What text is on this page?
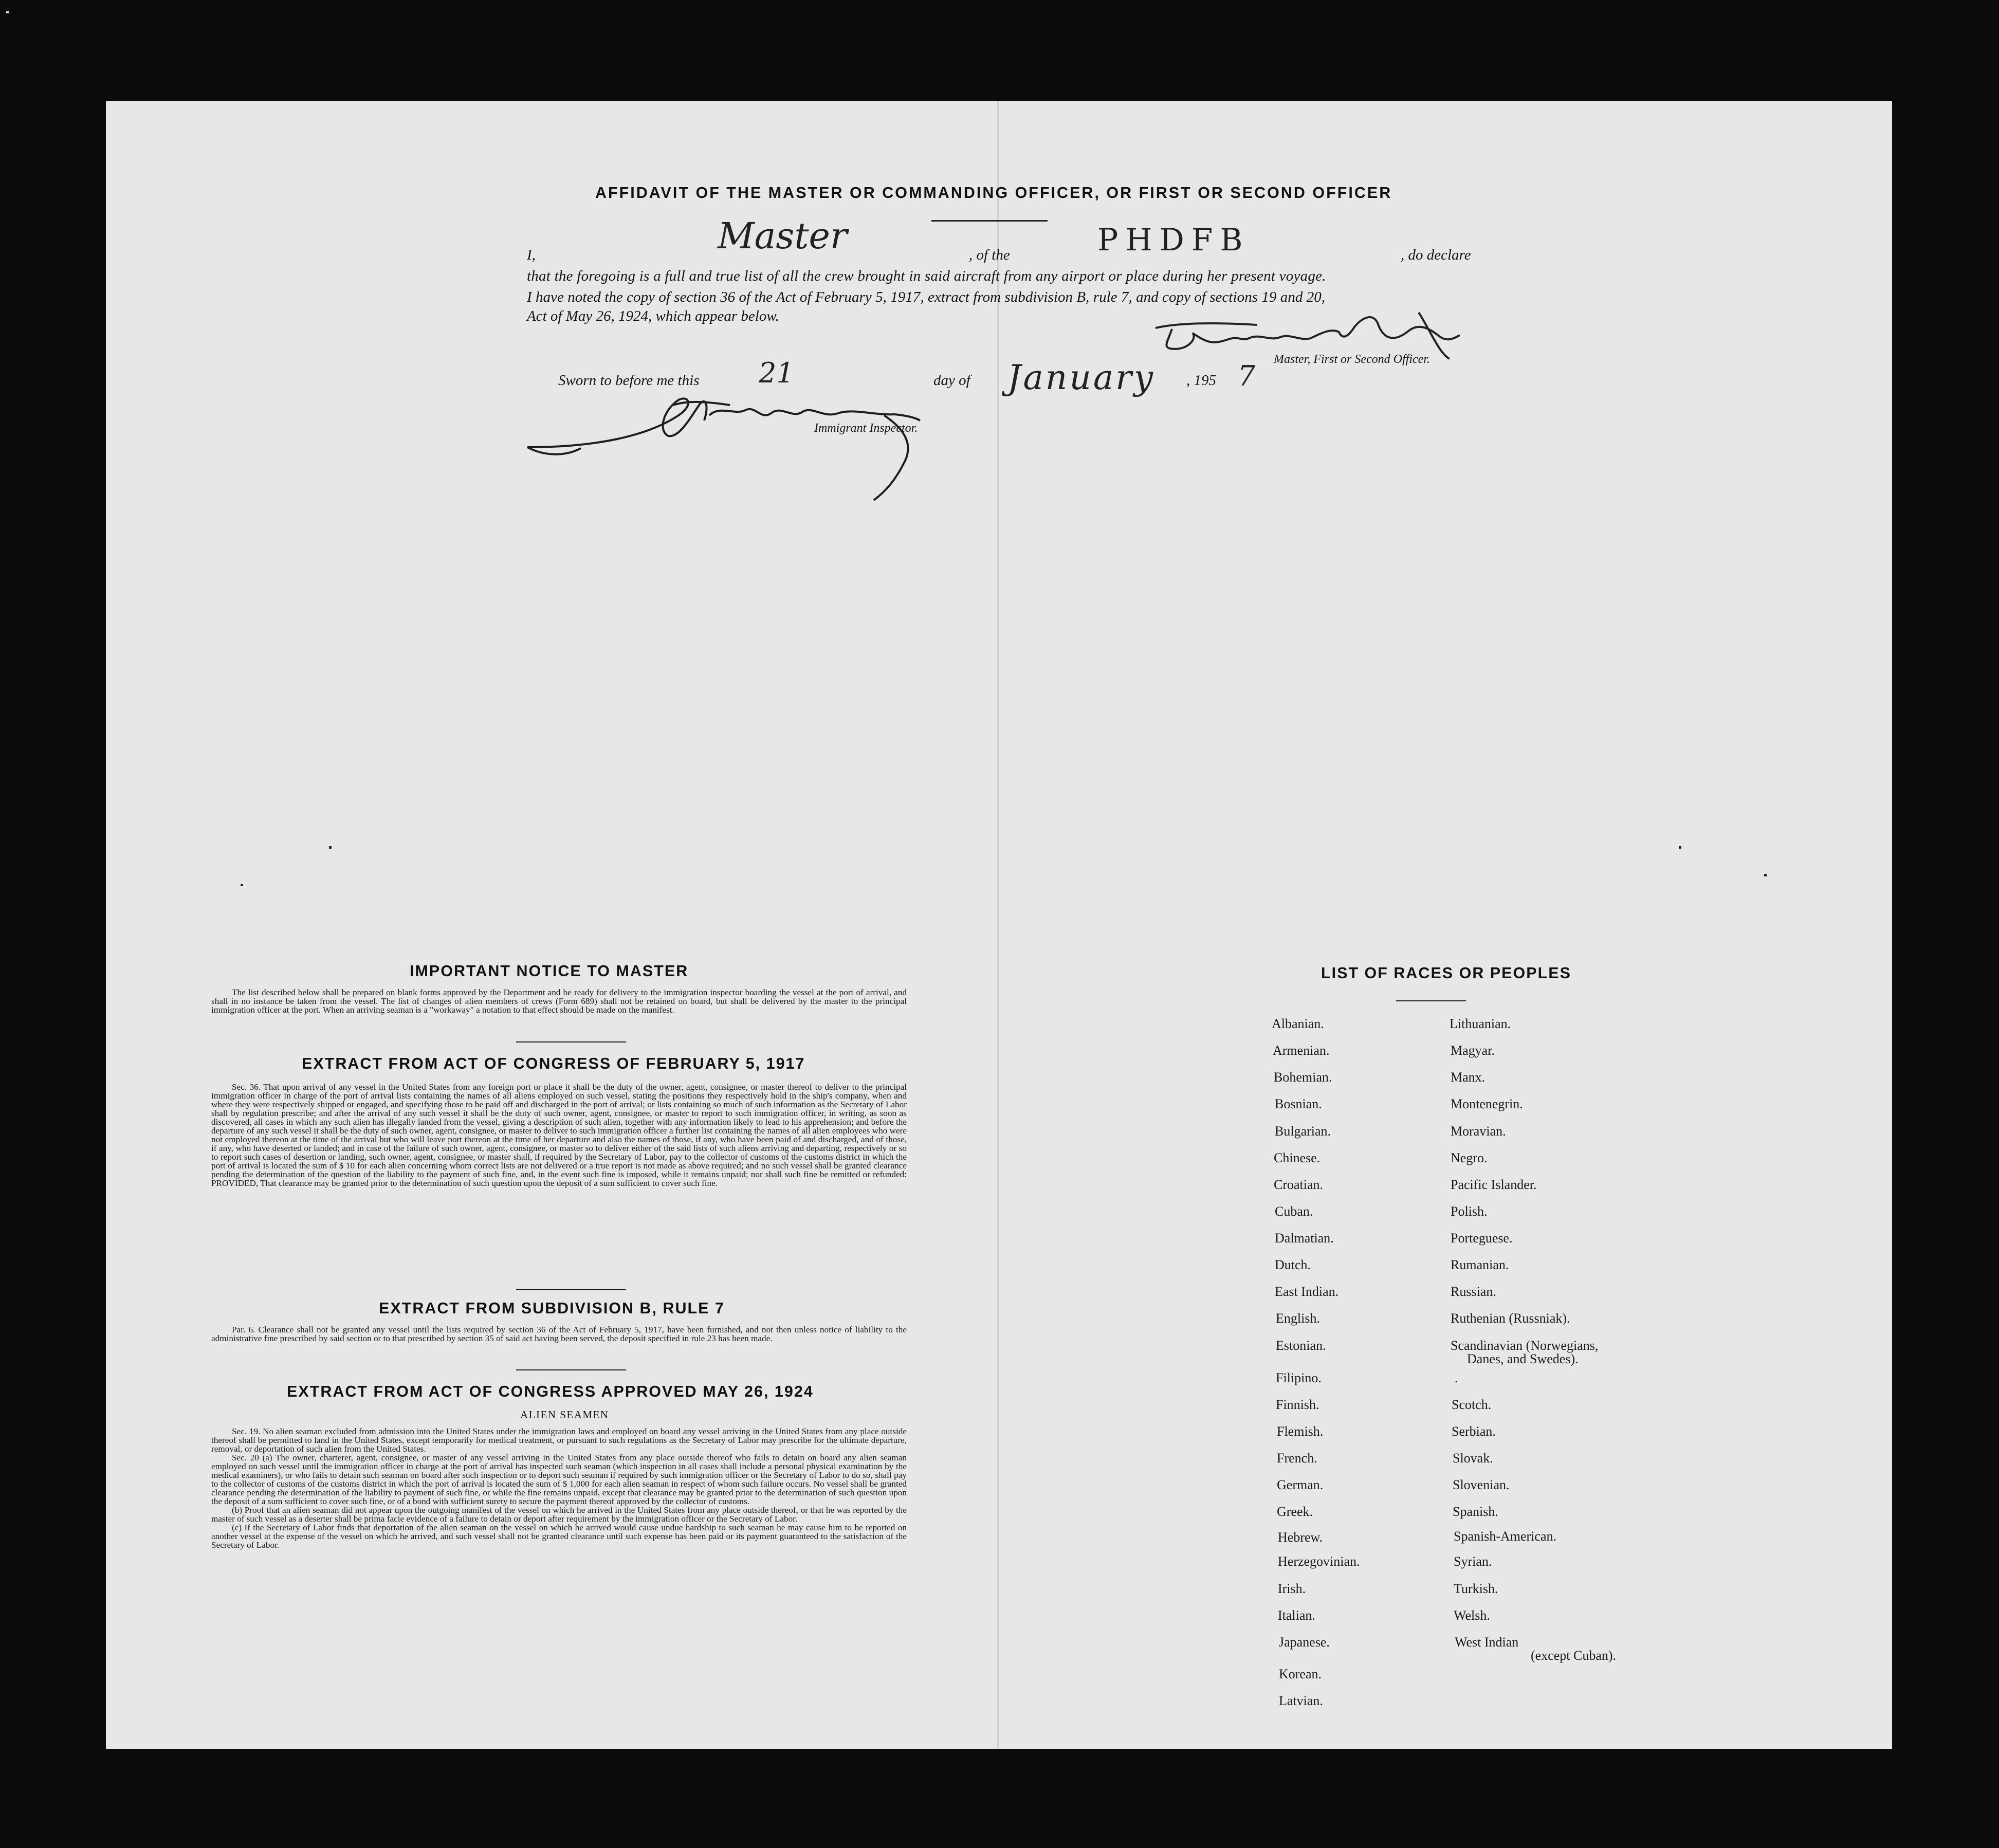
AFFIDAVIT OF THE MASTER OR COMMANDING OFFICER, OR FIRST OR SECOND OFFICER
I,	Master	, of the	PHDFB	, do declare
that the foregoing is a full and true list of all the crew brought in said aircraft from any airport or place during her present voyage.
I have noted the copy of section 36 of the Act of February 5, 1917, extract from subdivision B, rule 7, and copy of sections 19 and 20,
Act of May 26, 1924, which appear below.
Master, First or Second Officer.
Sworn to before me this 21	day of January , 195 7
Immigrant Inspector.
IMPORTANT NOTICE TO MASTER
The list described below shall be prepared on blank forms approved by the Department and be ready for delivery to the immigration inspector boarding the vessel at the port of arrival, and shall in no instance be taken from the vessel. The list of changes of alien members of crews (Form 689) shall not be retained on board, but shall be delivered by the master to the principal immigration officer at the port. When an arriving seaman is a "workaway" a notation to that effect should be made on the manifest.
EXTRACT FROM ACT OF CONGRESS OF FEBRUARY 5, 1917
Sec. 36. That upon arrival of any vessel in the United States from any foreign port or place it shall be the duty of the owner, agent, consignee, or master thereof to deliver to the principal immigration officer in charge of the port of arrival lists containing the names of all aliens employed on such vessel, stating the positions they respectively hold in the ship's company, when and where they were respectively shipped or engaged, and specifying those to be paid off and discharged in the port of arrival; or lists containing so much of such information as the Secretary of Labor shall by regulation prescribe; and after the arrival of any such vessel it shall be the duty of such owner, agent, consignee, or master to report to such immigration officer, in writing, as soon as discovered, all cases in which any such alien has illegally landed from the vessel, giving a description of such alien, together with any information likely to lead to his apprehension; and before the departure of any such vessel it shall be the duty of such owner, agent, consignee, or master to deliver to such immigration officer a further list containing the names of all alien employees who were not employed thereon at the time of the arrival but who will leave port thereon at the time of her departure and also the names of those, if any, who have been paid of and discharged, and of those, if any, who have deserted or landed; and in case of the failure of such owner, agent, consignee, or master so to deliver either of the said lists of such aliens arriving and departing, respectively or so to report such cases of desertion or landing, such owner, agent, consignee, or master shall, if required by the Secretary of Labor, pay to the collector of customs of the customs district in which the port of arrival is located the sum of $ 10 for each alien concerning whom correct lists are not delivered or a true report is not made as above required; and no such vessel shall be granted clearance pending the determination of the question of the liability to the payment of such fine, and, in the event such fine is imposed, while it remains unpaid; nor shall such fine be remitted or refunded: PROVIDED, That clearance may be granted prior to the determination of such question upon the deposit of a sum sufficient to cover such fine.
EXTRACT FROM SUBDIVISION B, RULE 7
Par. 6. Clearance shall not be granted any vessel until the lists required by section 36 of the Act of February 5, 1917, have been furnished, and not then unless notice of liability to the administrative fine prescribed by said section or to that prescribed by section 35 of said act having been served, the deposit specified in rule 23 has been made.
EXTRACT FROM ACT OF CONGRESS APPROVED MAY 26, 1924
ALIEN SEAMEN
Sec. 19. No alien seaman excluded from admission into the United States under the immigration laws and employed on board any vessel arriving in the United States from any place outside thereof shall be permitted to land in the United States, except temporarily for medical treatment, or pursuant to such regulations as the Secretary of Labor may prescribe for the ultimate departure, removal, or deportation of such alien from the United States.
Sec. 20 (a) The owner, charterer, agent, consignee, or master of any vessel arriving in the United States from any place outside thereof who fails to detain on board any alien seaman employed on such vessel until the immigration officer in charge at the port of arrival has inspected such seaman (which inspection in all cases shall include a personal physical examination by the medical examiners), or who fails to detain such seaman on board after such inspection or to deport such seaman if required by such immigration officer or the Secretary of Labor to do so, shall pay to the collector of customs of the customs district in which the port of arrival is located the sum of $ 1,000 for each alien seaman in respect of whom such failure occurs. No vessel shall be granted clearance pending the determination of the liability to payment of such fine, or while the fine remains unpaid, except that clearance may be granted prior to the determination of such question upon the deposit of a sum sufficient to cover such fine, or of a bond with sufficient surety to secure the payment thereof approved by the collector of customs.
(b) Proof that an alien seaman did not appear upon the outgoing manifest of the vessel on which he arrived in the United States from any place outside thereof, or that he was reported by the master of such vessel as a deserter shall be prima facie evidence of a failure to detain or deport after requirement by the immigration officer or the Secretary of Labor.
(c) If the Secretary of Labor finds that deportation of the alien seaman on the vessel on which he arrived would cause undue hardship to such seaman he may cause him to be reported on another vessel at the expense of the vessel on which he arrived, and such vessel shall not be granted clearance until such expense has been paid or its payment guaranteed to the satisfaction of the Secretary of Labor.
LIST OF RACES OR PEOPLES
Albanian.
Armenian.
Bohemian.
Bosnian.
Bulgarian.
Chinese.
Croatian.
Cuban.
Dalmatian.
Dutch.
East Indian.
English.
Estonian.
Filipino.
Finnish.
Flemish.
French.
German.
Greek.
Hebrew.
Herzegovinian.
Irish.
Italian.
Japanese.
Korean.
Latvian.
Lithuanian.
Magyar.
Manx.
Montenegrin.
Moravian.
Negro.
Pacific Islander.
Polish.
Porteguese.
Rumanian.
Russian.
Ruthenian (Russniak).
Scandinavian (Norwegians,
Danes, and Swedes).
.
Scotch.
Serbian.
Slovak.
Slovenian.
Spanish.
Spanish-American.
Syrian.
Turkish.
Welsh.
West Indian
(except Cuban).
